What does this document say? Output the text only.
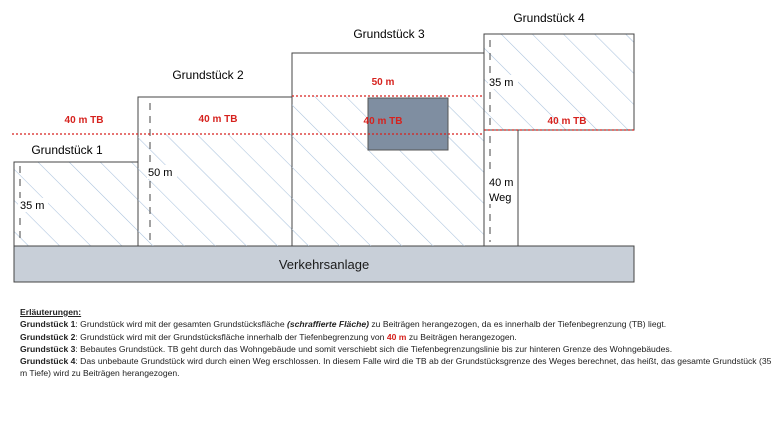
Verkehrsanlage
Grundstück 1
35 m
Grundstück 2
50 m
Grundstück 3
50 m
Grundstück 4
35 m
40 m
Weg
40 m TB	40 m TB	40 m TB	40 m TB
Erläuterungen:
Grundstück 1: Grundstück wird mit der gesamten Grundstücksfläche (schraffierte Fläche) zu Beiträgen herangezogen, da es innerhalb der Tiefenbegrenzung (TB) liegt.
Grundstück 2: Grundstück wird mit der Grundstücksfläche innerhalb der Tiefenbegrenzung von 40 m zu Beiträgen herangezogen.
Grundstück 3: Bebautes Grundstück. TB geht durch das Wohngebäude und somit verschiebt sich die Tiefenbegrenzungslinie bis zur hinteren Grenze des Wohngebäudes.
Grundstück 4: Das unbebaute Grundstück wird durch einen Weg erschlossen. In diesem Falle wird die TB ab der Grundstücksgrenze des Weges berechnet, das heißt, das gesamte Grundstück (35 m Tiefe) wird zu Beiträgen herangezogen.
